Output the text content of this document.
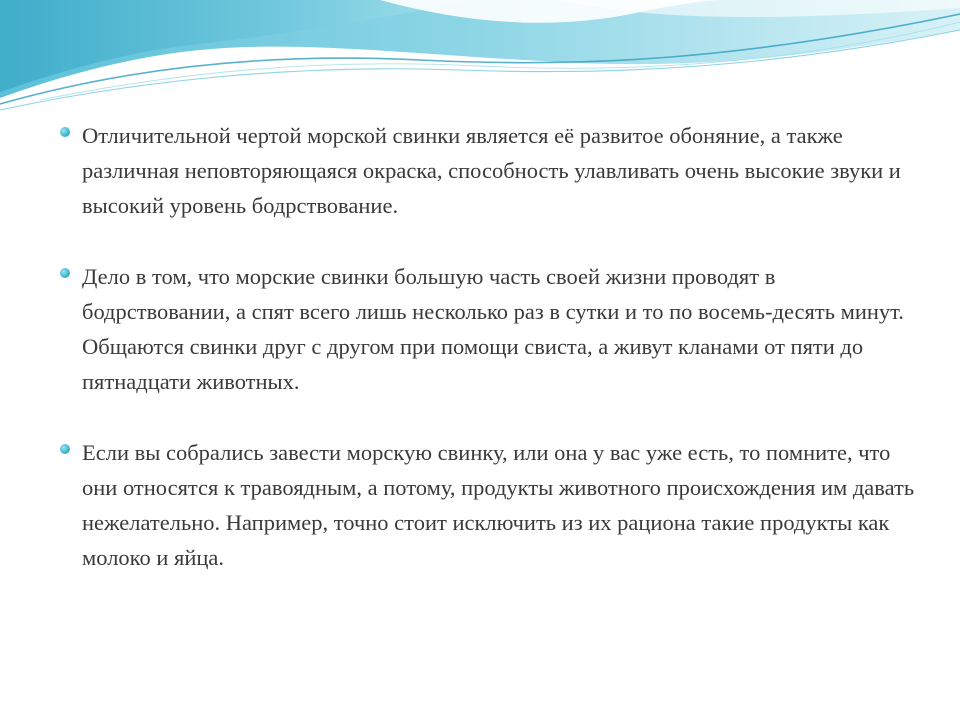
Отличительной чертой морской свинки является её развитое обоняние, а также различная неповторяющаяся окраска, способность улавливать очень высокие звуки и высокий уровень бодрствование.
Дело в том, что морские свинки большую часть своей жизни проводят в бодрствовании, а спят всего лишь несколько раз в сутки и то по восемь-десять минут. Общаются свинки друг с другом при помощи свиста, а живут кланами от пяти до пятнадцати животных.
Если вы собрались завести морскую свинку, или она у вас уже есть, то помните, что они относятся к травоядным, а потому, продукты животного происхождения им давать нежелательно. Например, точно стоит исключить из их рациона такие продукты как молоко и яйца.
